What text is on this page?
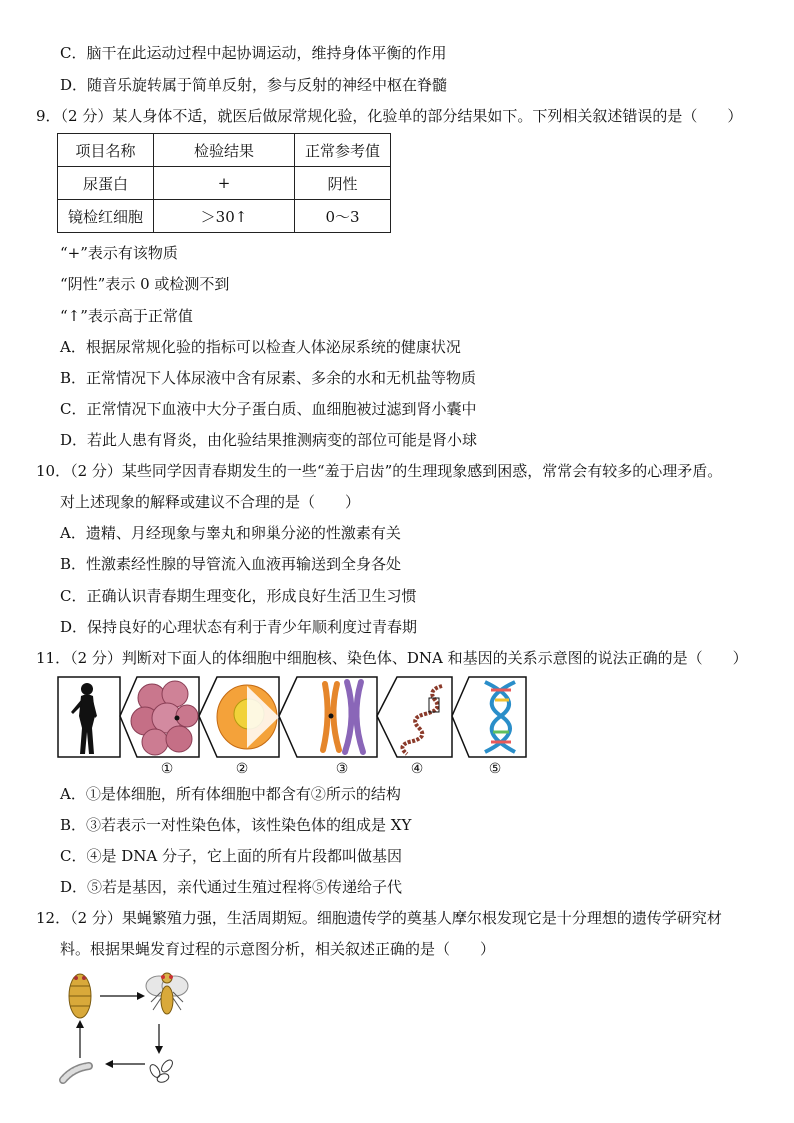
C．脑干在此运动过程中起协调运动，维持身体平衡的作用
D．随音乐旋转属于简单反射，参与反射的神经中枢在脊髓
9．（2 分）某人身体不适，就医后做尿常规化验，化验单的部分结果如下。下列相关叙述错误的是（　　）
项目名称	检验结果	正常参考值
尿蛋白	+	阴性
镜检红细胞	＞30↑	0～3
“+”表示有该物质
“阴性”表示 0 或检测不到
“↑”表示高于正常值
A．根据尿常规化验的指标可以检查人体泌尿系统的健康状况
B．正常情况下人体尿液中含有尿素、多余的水和无机盐等物质
C．正常情况下血液中大分子蛋白质、血细胞被过滤到肾小囊中
D．若此人患有肾炎，由化验结果推测病变的部位可能是肾小球
10．（2 分）某些同学因青春期发生的一些“羞于启齿”的生理现象感到困惑，常常会有较多的心理矛盾。
对上述现象的解释或建议不合理的是（　　）
A．遗精、月经现象与睾丸和卵巢分泌的性激素有关
B．性激素经性腺的导管流入血液再输送到全身各处
C．正确认识青春期生理变化，形成良好生活卫生习惯
D．保持良好的心理状态有利于青少年顺利度过青春期
11．（2 分）判断对下面人的体细胞中细胞核、染色体、DNA 和基因的关系示意图的说法正确的是（　　）
①	②	③	④	⑤
A．①是体细胞，所有体细胞中都含有②所示的结构
B．③若表示一对性染色体，该性染色体的组成是 XY
C．④是 DNA 分子，它上面的所有片段都叫做基因
D．⑤若是基因，亲代通过生殖过程将⑤传递给子代
12．（2 分）果蝇繁殖力强，生活周期短。细胞遗传学的奠基人摩尔根发现它是十分理想的遗传学研究材
料。根据果蝇发育过程的示意图分析，相关叙述正确的是（　　）
